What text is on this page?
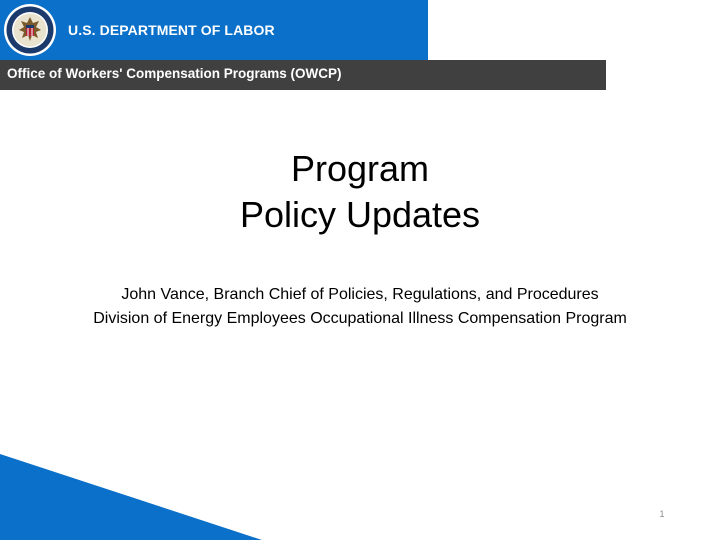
U.S. DEPARTMENT OF LABOR
Office of Workers' Compensation Programs (OWCP)
Program
Policy Updates
John Vance, Branch Chief of Policies, Regulations, and Procedures
Division of Energy Employees Occupational Illness Compensation Program
1
